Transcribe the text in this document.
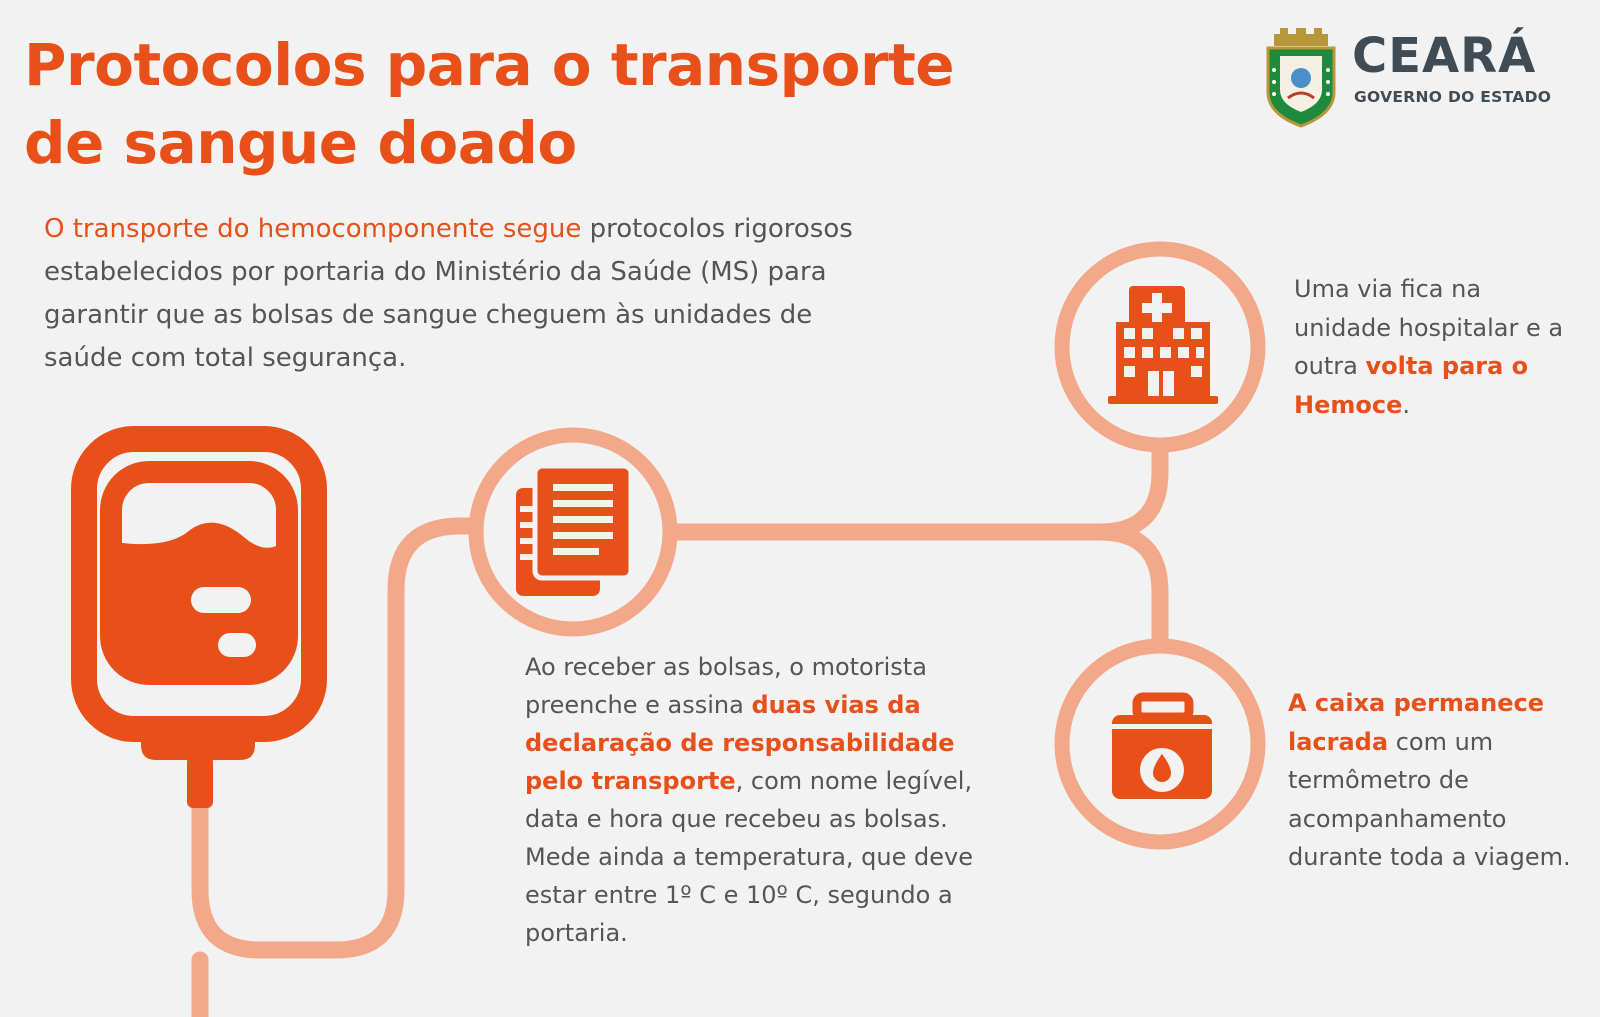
Protocolos para o transporte
de sangue doado
CEARÁ
GOVERNO DO ESTADO

O transporte do hemocomponente segue protocolos rigorosos estabelecidos por portaria do Ministério da Saúde (MS) para garantir que as bolsas de sangue cheguem às unidades de saúde com total segurança.

Ao receber as bolsas, o motorista preenche e assina duas vias da declaração de responsabilidade pelo transporte, com nome legível, data e hora que recebeu as bolsas. Mede ainda a temperatura, que deve estar entre 1º C e 10º C, segundo a portaria.

Uma via fica na unidade hospitalar e a outra volta para o Hemoce.

A caixa permanece lacrada com um termômetro de acompanhamento durante toda a viagem.
